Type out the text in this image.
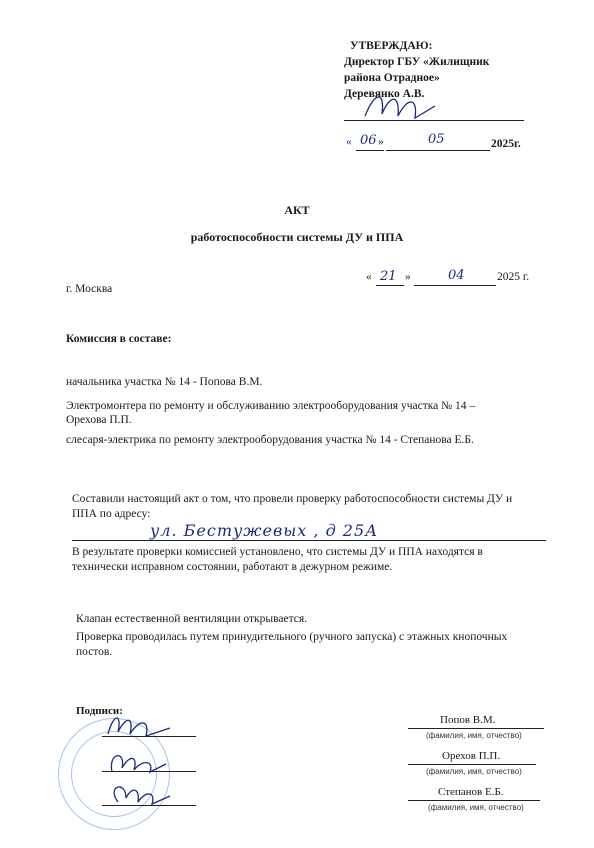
УТВЕРЖДАЮ:
Директор ГБУ «Жилищник
района Отрадное»
Деревянко А.В.
« 06 »	05	2025г.
АКТ
работоспособности системы ДУ и ППА
г. Москва
« 21 »	04	2025 г.
Комиссия в составе:
начальника участка № 14 - Попова В.М.
Электромонтера по ремонту и обслуживанию электрооборудования участка № 14 –
Орехова П.П.
слесаря-электрика по ремонту электрооборудования участка № 14 - Степанова Е.Б.
Составили настоящий акт о том, что провели проверку работоспособности системы ДУ и
ППА по адресу:
ул. Бестужевых , д 25А
В результате проверки комиссией установлено, что системы ДУ и ППА находятся в
технически исправном состоянии, работают в дежурном режиме.
Клапан естественной вентиляции открывается.
Проверка проводилась путем принудительного (ручного запуска) с этажных кнопочных
постов.
Подписи:
Попов В.М.
(фамилия, имя, отчество)
Орехов П.П.
(фамилия, имя, отчество)
Степанов Е.Б.
(фамилия, имя, отчество)
